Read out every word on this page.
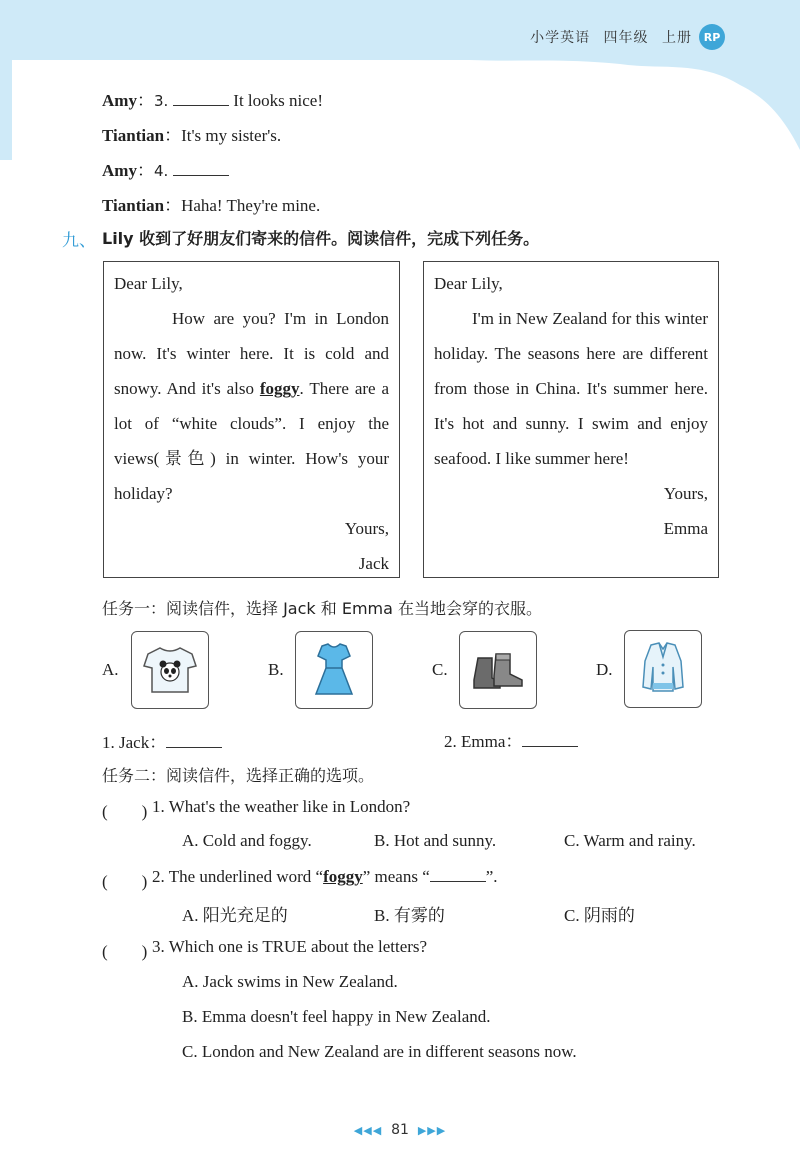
小学英语 四年级 上册	RP
Amy：3.	It looks nice!
Tiantian：It's my sister's.
Amy：4.
Tiantian：Haha! They're mine.
九、 Lily 收到了好朋友们寄来的信件。阅读信件，完成下列任务。

Dear Lily,

How are you? I'm in London now. It's winter here. It is cold and snowy. And it's also foggy. There are a lot of “white clouds”. I enjoy the views(景色) in winter. How's your holiday?

Yours,

Jack

Dear Lily,

I'm in New Zealand for this winter holiday. The seasons here are different from those in China. It's summer here. It's hot and sunny. I swim and enjoy seafood. I like summer here!

Yours,

Emma

任务一：阅读信件，选择 Jack 和 Emma 在当地会穿的衣服。
A.	B.	C.	D.
1. Jack：	2. Emma：
任务二：阅读信件，选择正确的选项。
(　　) 1. What's the weather like in London?
A. Cold and foggy.	B. Hot and sunny.	C. Warm and rainy.
(　　) 2. The underlined word “foggy” means “	”.
A. 阳光充足的	B. 有雾的	C. 阴雨的
(　　) 3. Which one is TRUE about the letters?
A. Jack swims in New Zealand.
B. Emma doesn't feel happy in New Zealand.
C. London and New Zealand are in different seasons now.
◀◀◀ 81 ▶▶▶
